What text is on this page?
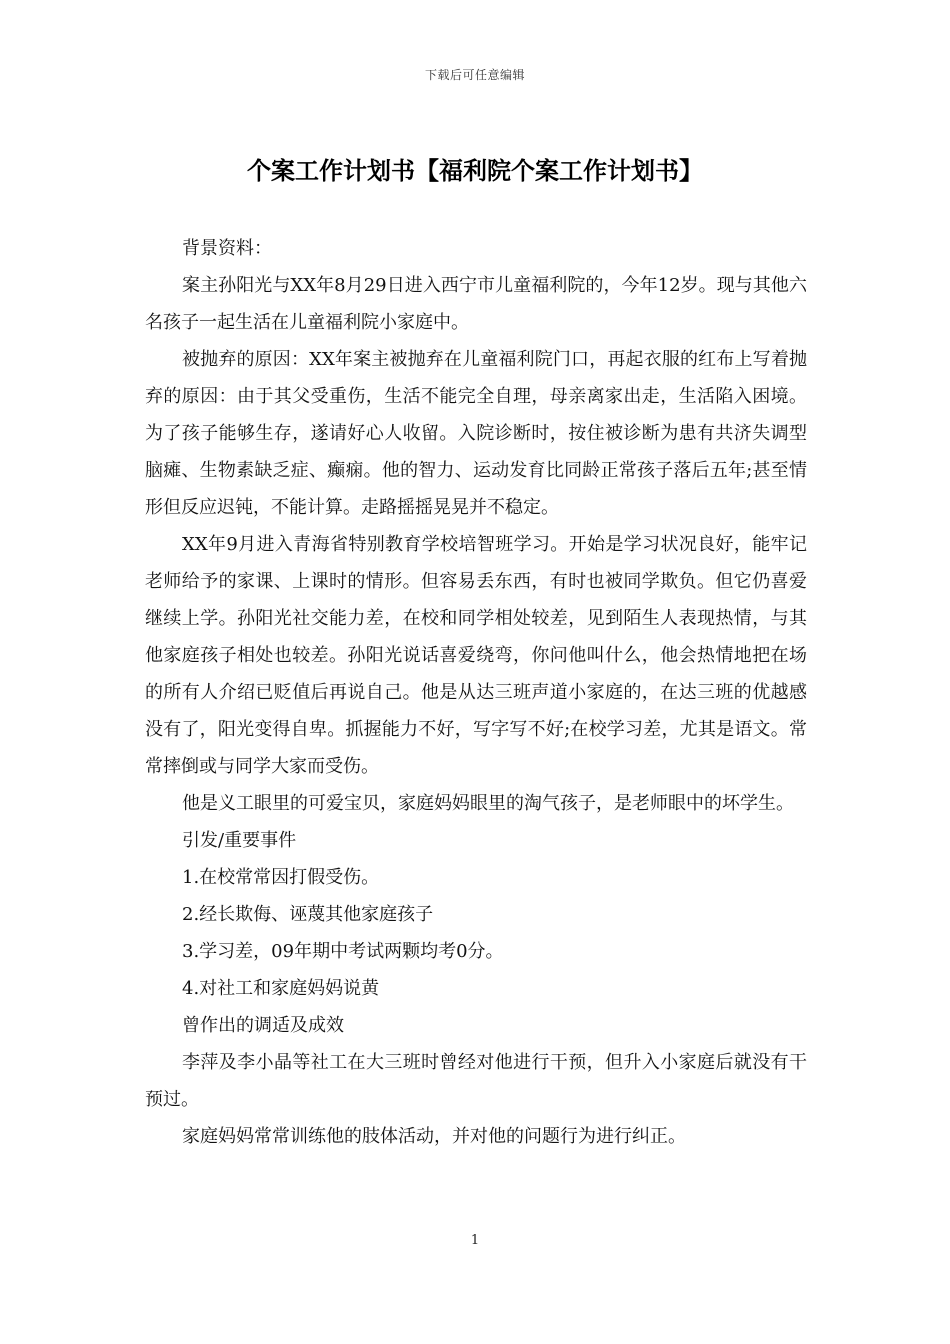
下载后可任意编辑
个案工作计划书【福利院个案工作计划书】

背景资料：

案主孙阳光与XX年8月29日进入西宁市儿童福利院的，今年12岁。现与其他六名孩子一起生活在儿童福利院小家庭中。

被抛弃的原因：XX年案主被抛弃在儿童福利院门口，再起衣服的红布上写着抛弃的原因：由于其父受重伤，生活不能完全自理，母亲离家出走，生活陷入困境。为了孩子能够生存，遂请好心人收留。入院诊断时，按住被诊断为患有共济失调型脑瘫、生物素缺乏症、癫痫。他的智力、运动发育比同龄正常孩子落后五年;甚至情形但反应迟钝，不能计算。走路摇摇晃晃并不稳定。

XX年9月进入青海省特别教育学校培智班学习。开始是学习状况良好，能牢记老师给予的家课、上课时的情形。但容易丢东西，有时也被同学欺负。但它仍喜爱继续上学。孙阳光社交能力差，在校和同学相处较差，见到陌生人表现热情，与其他家庭孩子相处也较差。孙阳光说话喜爱绕弯，你问他叫什么，他会热情地把在场的所有人介绍已贬值后再说自己。他是从达三班声道小家庭的，在达三班的优越感没有了，阳光变得自卑。抓握能力不好，写字写不好;在校学习差，尤其是语文。常常摔倒或与同学大家而受伤。

他是义工眼里的可爱宝贝，家庭妈妈眼里的淘气孩子，是老师眼中的坏学生。

引发/重要事件

1.在校常常因打假受伤。

2.经长欺侮、诬蔑其他家庭孩子

3.学习差，09年期中考试两颗均考0分。

4.对社工和家庭妈妈说黄

曾作出的调适及成效

李萍及李小晶等社工在大三班时曾经对他进行干预，但升入小家庭后就没有干预过。

家庭妈妈常常训练他的肢体活动，并对他的问题行为进行纠正。

1
